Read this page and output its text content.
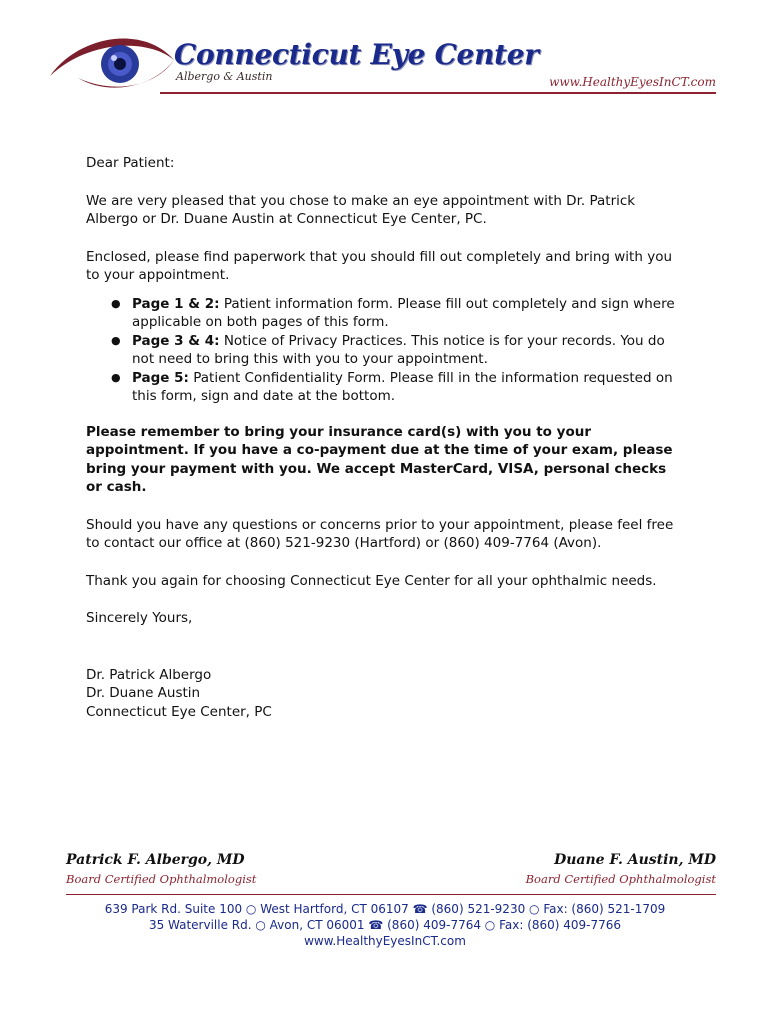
Connecticut Eye Center
Albergo & Austin	www.HealthyEyesInCT.com

Dear Patient:

We are very pleased that you chose to make an eye appointment with Dr. Patrick Albergo or Dr. Duane Austin at Connecticut Eye Center, PC.

Enclosed, please find paperwork that you should fill out completely and bring with you to your appointment.

● Page 1 & 2: Patient information form. Please fill out completely and sign where applicable on both pages of this form.
● Page 3 & 4: Notice of Privacy Practices. This notice is for your records. You do not need to bring this with you to your appointment.
● Page 5: Patient Confidentiality Form. Please fill in the information requested on this form, sign and date at the bottom.

Please remember to bring your insurance card(s) with you to your appointment. If you have a co-payment due at the time of your exam, please bring your payment with you. We accept MasterCard, VISA, personal checks or cash.

Should you have any questions or concerns prior to your appointment, please feel free to contact our office at (860) 521-9230 (Hartford) or (860) 409-7764 (Avon).

Thank you again for choosing Connecticut Eye Center for all your ophthalmic needs.

Sincerely Yours,

Dr. Patrick Albergo
Dr. Duane Austin
Connecticut Eye Center, PC
Patrick F. Albergo, MD
Board Certified Ophthalmologist
Duane F. Austin, MD
Board Certified Ophthalmologist
639 Park Rd. Suite 100 ○ West Hartford, CT 06107 ☎ (860) 521-9230 ○ Fax: (860) 521-1709
35 Waterville Rd. ○ Avon, CT 06001 ☎ (860) 409-7764 ○ Fax: (860) 409-7766
www.HealthyEyesInCT.com
